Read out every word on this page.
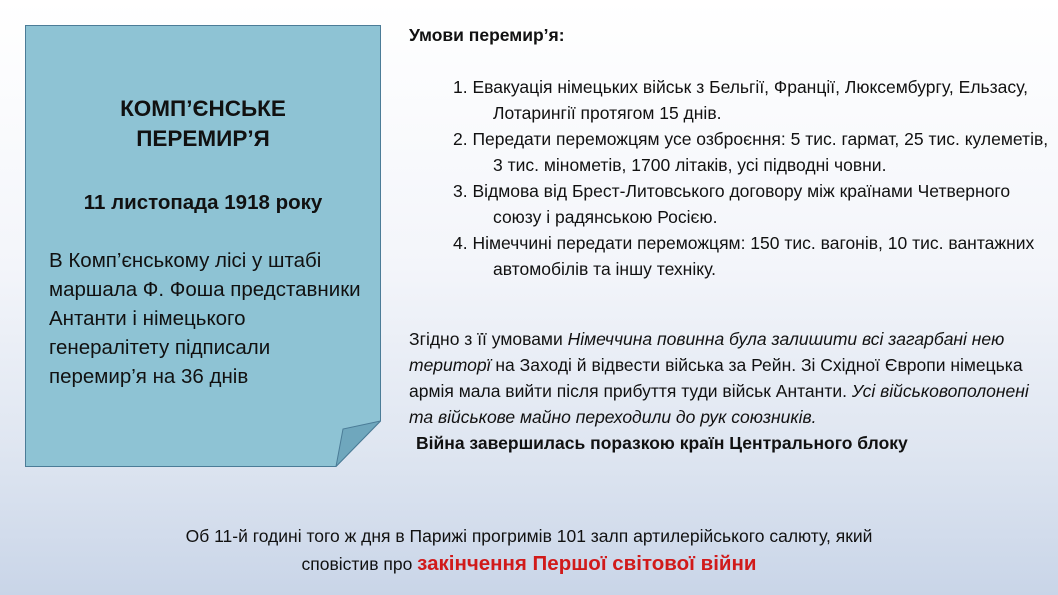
КОМП’ЄНСЬКЕ
ПЕРЕМИР’Я
11 листопада 1918 року
В Комп’єнському лісі у штабі маршала Ф. Фоша представники Антанти і німецького генералітету підписали перемир’я на 36 днів
Умови перемир’я:
1. Евакуація німецьких військ з Бельгії, Франції, Люксембургу, Ельзасу, Лотарингії протягом 15 днів.
2. Передати переможцям усе озброєння: 5 тис. гармат, 25 тис. кулеметів, 3 тис. мінометів, 1700 літаків, усі підводні човни.
3. Відмова від Брест-Литовського договору між країнами Четверного союзу і радянською Росією.
4. Німеччині передати переможцям: 150 тис. вагонів, 10 тис. вантажних автомобілів та іншу техніку.
Згідно з її умовами Німеччина повинна була залишити всі загарбані нею територї на Заході й відвести війська за Рейн. Зі Східної Європи німецька армія мала вийти після прибуття туди військ Антанти. Усі військовополонені та військове майно переходили до рук союзників.
Війна завершилась поразкою країн Центрального блоку
Об 11-й годині того ж дня в Парижі прогримів 101 залп артилерійського салюту, який
сповістив про закінчення Першої світової війни
